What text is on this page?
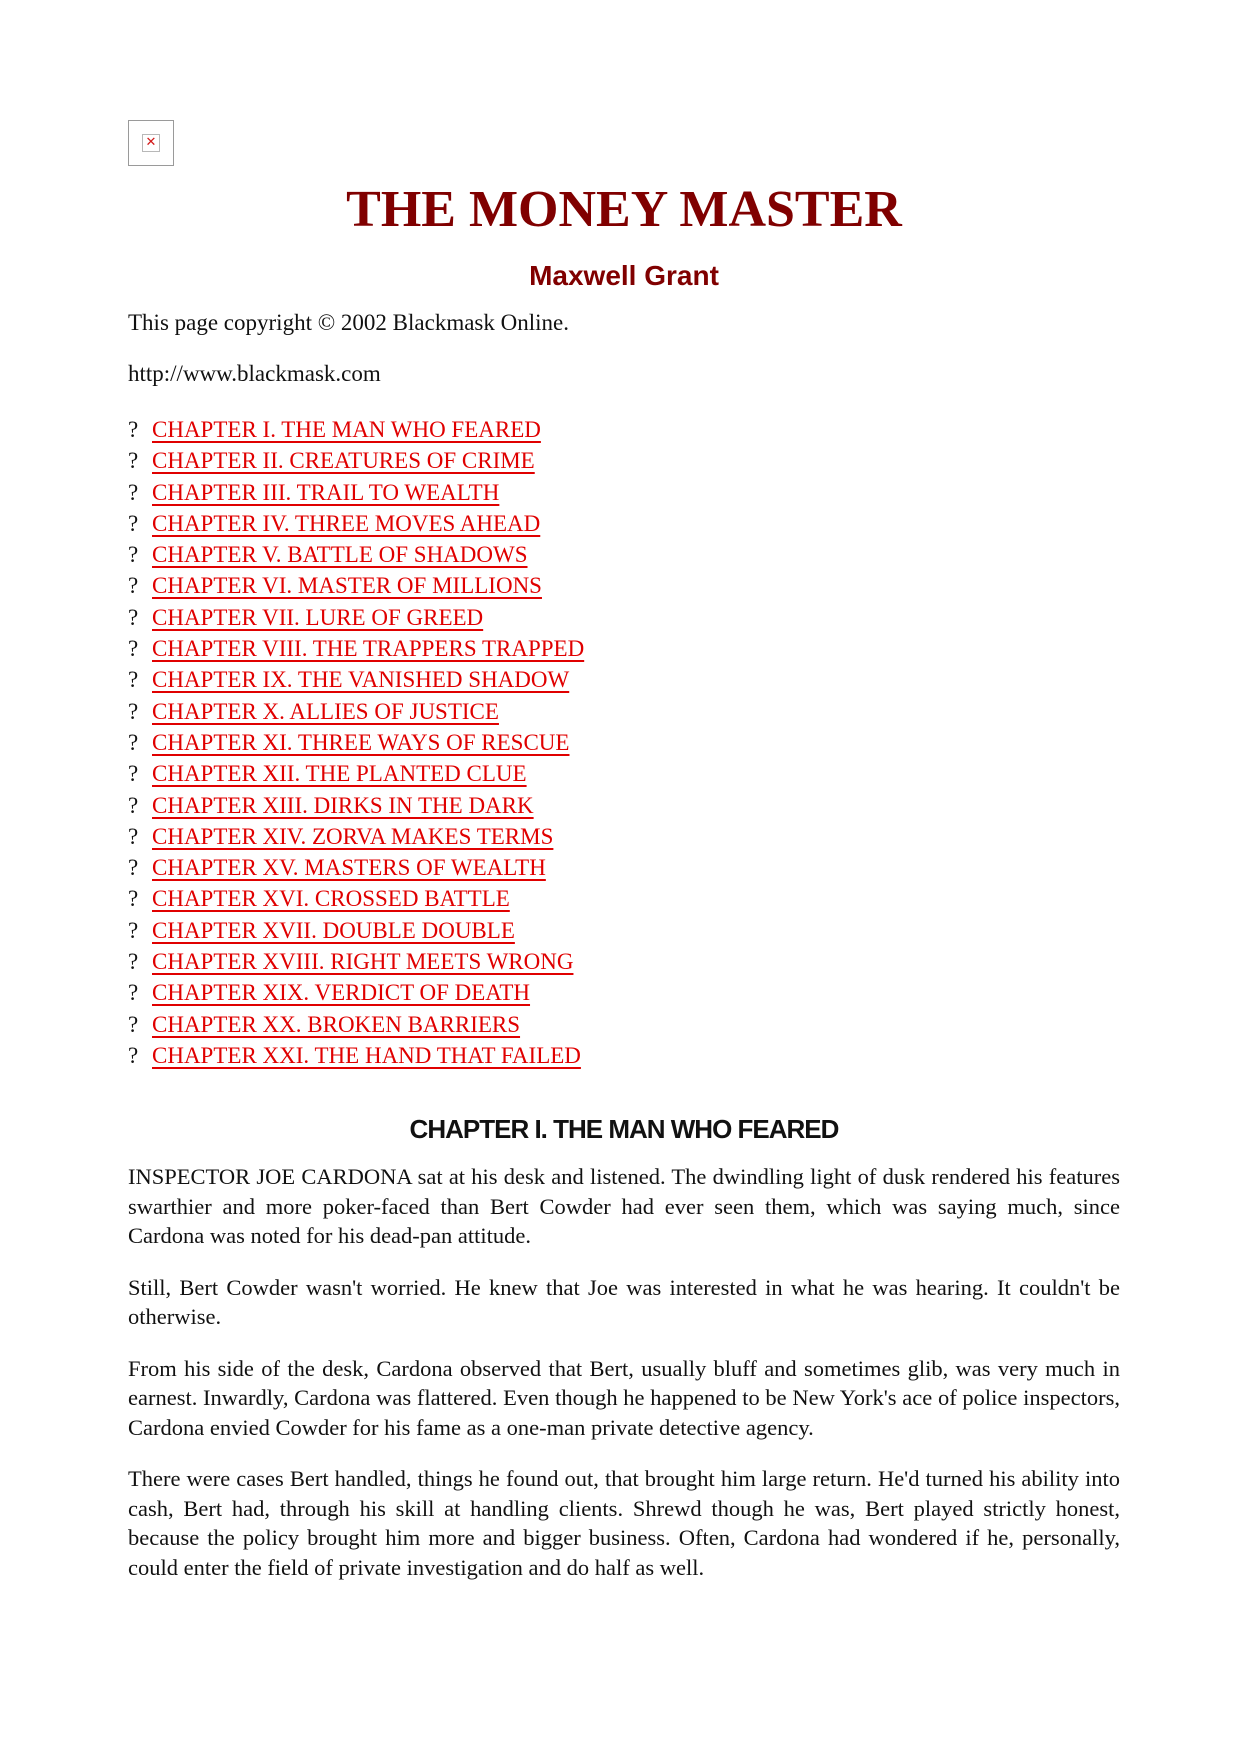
✕
THE MONEY MASTER
Maxwell Grant

This page copyright © 2002 Blackmask Online.

http://www.blackmask.com

? CHAPTER I. THE MAN WHO FEARED
? CHAPTER II. CREATURES OF CRIME
? CHAPTER III. TRAIL TO WEALTH
? CHAPTER IV. THREE MOVES AHEAD
? CHAPTER V. BATTLE OF SHADOWS
? CHAPTER VI. MASTER OF MILLIONS
? CHAPTER VII. LURE OF GREED
? CHAPTER VIII. THE TRAPPERS TRAPPED
? CHAPTER IX. THE VANISHED SHADOW
? CHAPTER X. ALLIES OF JUSTICE
? CHAPTER XI. THREE WAYS OF RESCUE
? CHAPTER XII. THE PLANTED CLUE
? CHAPTER XIII. DIRKS IN THE DARK
? CHAPTER XIV. ZORVA MAKES TERMS
? CHAPTER XV. MASTERS OF WEALTH
? CHAPTER XVI. CROSSED BATTLE
? CHAPTER XVII. DOUBLE DOUBLE
? CHAPTER XVIII. RIGHT MEETS WRONG
? CHAPTER XIX. VERDICT OF DEATH
? CHAPTER XX. BROKEN BARRIERS
? CHAPTER XXI. THE HAND THAT FAILED
CHAPTER I. THE MAN WHO FEARED

INSPECTOR JOE CARDONA sat at his desk and listened. The dwindling light of dusk rendered his features swarthier and more poker-faced than Bert Cowder had ever seen them, which was saying much, since Cardona was noted for his dead-pan attitude.

Still, Bert Cowder wasn't worried. He knew that Joe was interested in what he was hearing. It couldn't be otherwise.

From his side of the desk, Cardona observed that Bert, usually bluff and sometimes glib, was very much in earnest. Inwardly, Cardona was flattered. Even though he happened to be New York's ace of police inspectors, Cardona envied Cowder for his fame as a one-man private detective agency.

There were cases Bert handled, things he found out, that brought him large return. He'd turned his ability into cash, Bert had, through his skill at handling clients. Shrewd though he was, Bert played strictly honest, because the policy brought him more and bigger business. Often, Cardona had wondered if he, personally, could enter the field of private investigation and do half as well.
